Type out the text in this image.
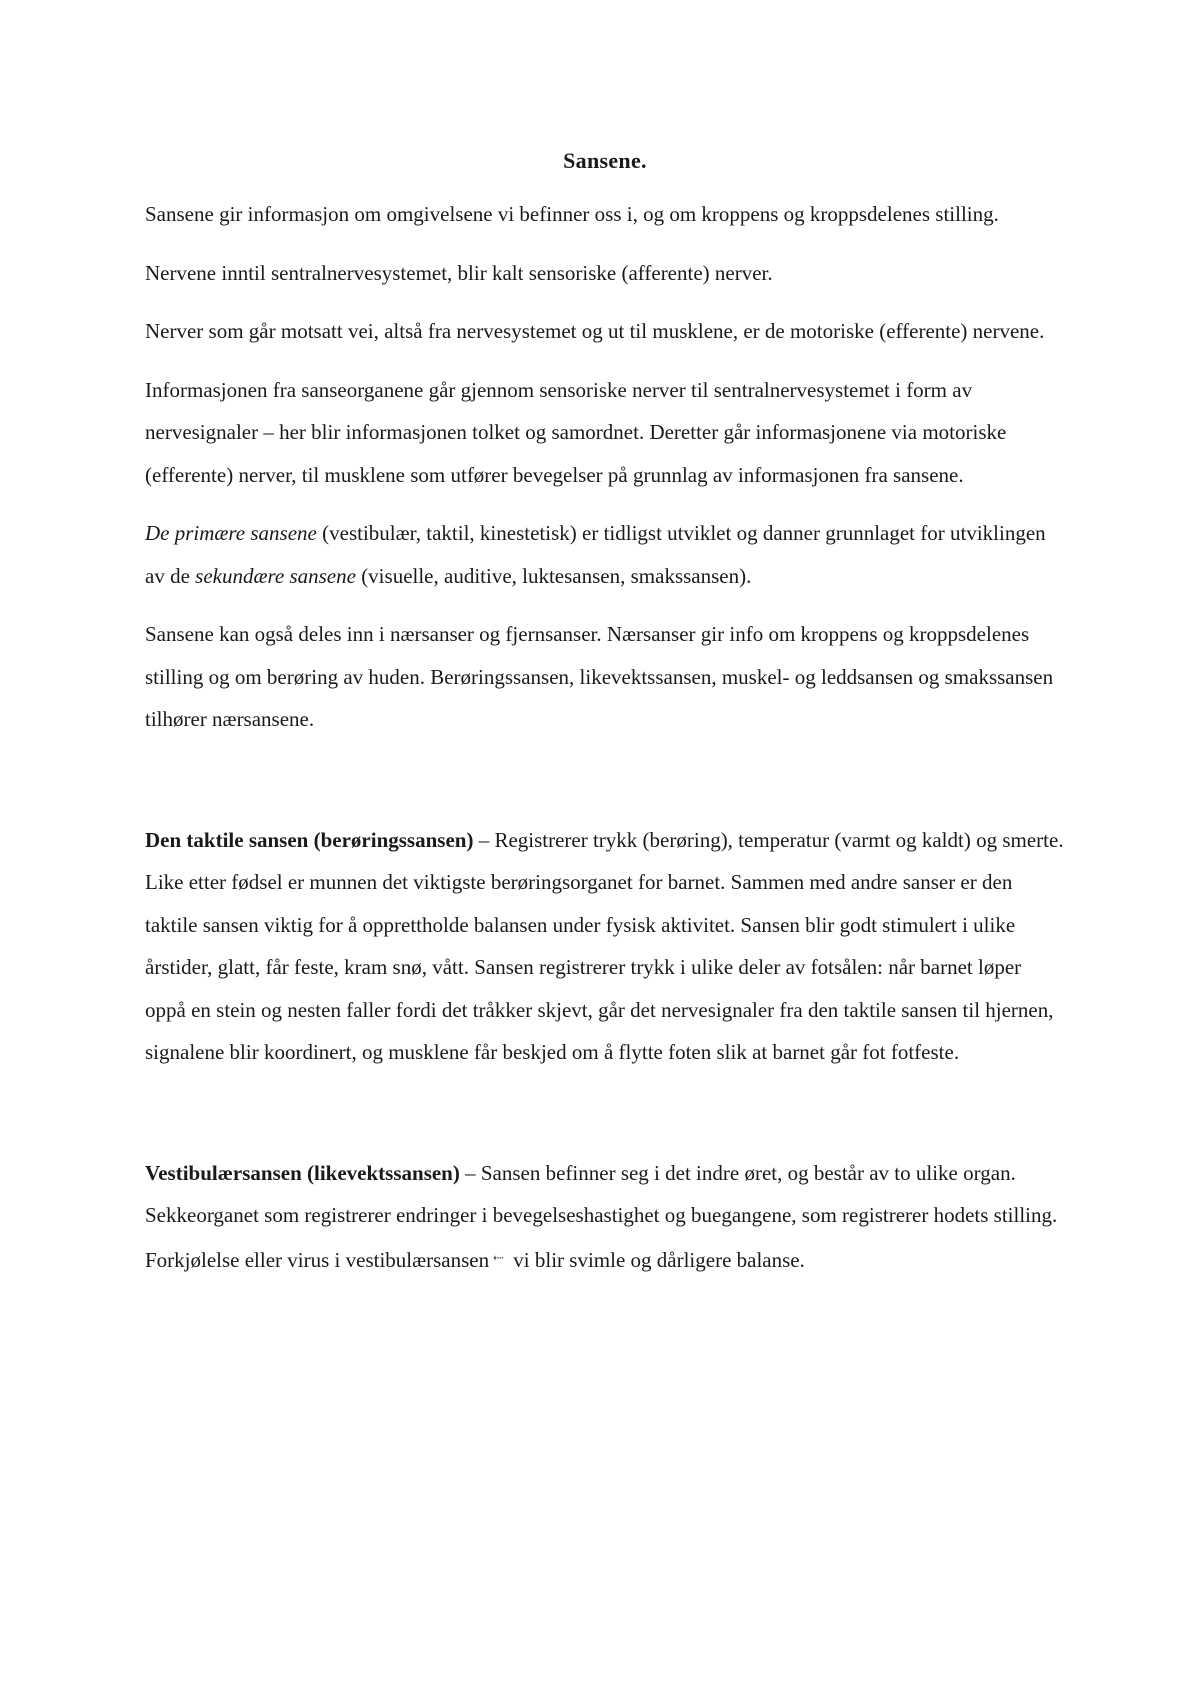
Sansene.

Sansene gir informasjon om omgivelsene vi befinner oss i, og om kroppens og kroppsdelenes stilling.

Nervene inntil sentralnervesystemet, blir kalt sensoriske (afferente) nerver.

Nerver som går motsatt vei, altså fra nervesystemet og ut til musklene, er de motoriske (efferente) nervene.

Informasjonen fra sanseorganene går gjennom sensoriske nerver til sentralnervesystemet i form av nervesignaler – her blir informasjonen tolket og samordnet. Deretter går informasjonene via motoriske (efferente) nerver, til musklene som utfører bevegelser på grunnlag av informasjonen fra sansene.

De primære sansene (vestibulær, taktil, kinestetisk) er tidligst utviklet og danner grunnlaget for utviklingen av de sekundære sansene (visuelle, auditive, luktesansen, smakssansen).

Sansene kan også deles inn i nærsanser og fjernsanser. Nærsanser gir info om kroppens og kroppsdelenes stilling og om berøring av huden. Berøringssansen, likevektssansen, muskel- og leddsansen og smakssansen tilhører nærsansene.

Den taktile sansen (berøringssansen) – Registrerer trykk (berøring), temperatur (varmt og kaldt) og smerte. Like etter fødsel er munnen det viktigste berøringsorganet for barnet. Sammen med andre sanser er den taktile sansen viktig for å opprettholde balansen under fysisk aktivitet. Sansen blir godt stimulert i ulike årstider, glatt, får feste, kram snø, vått. Sansen registrerer trykk i ulike deler av fotsålen: når barnet løper oppå en stein og nesten faller fordi det tråkker skjevt, går det nervesignaler fra den taktile sansen til hjernen, signalene blir koordinert, og musklene får beskjed om å flytte foten slik at barnet går fot fotfeste.

Vestibulærsansen (likevektssansen) – Sansen befinner seg i det indre øret, og består av to ulike organ. Sekkeorganet som registrerer endringer i bevegelseshastighet og buegangene, som registrerer hodets stilling. Forkjølelse eller virus i vestibulærsansen ⇠ vi blir svimle og dårligere balanse.
